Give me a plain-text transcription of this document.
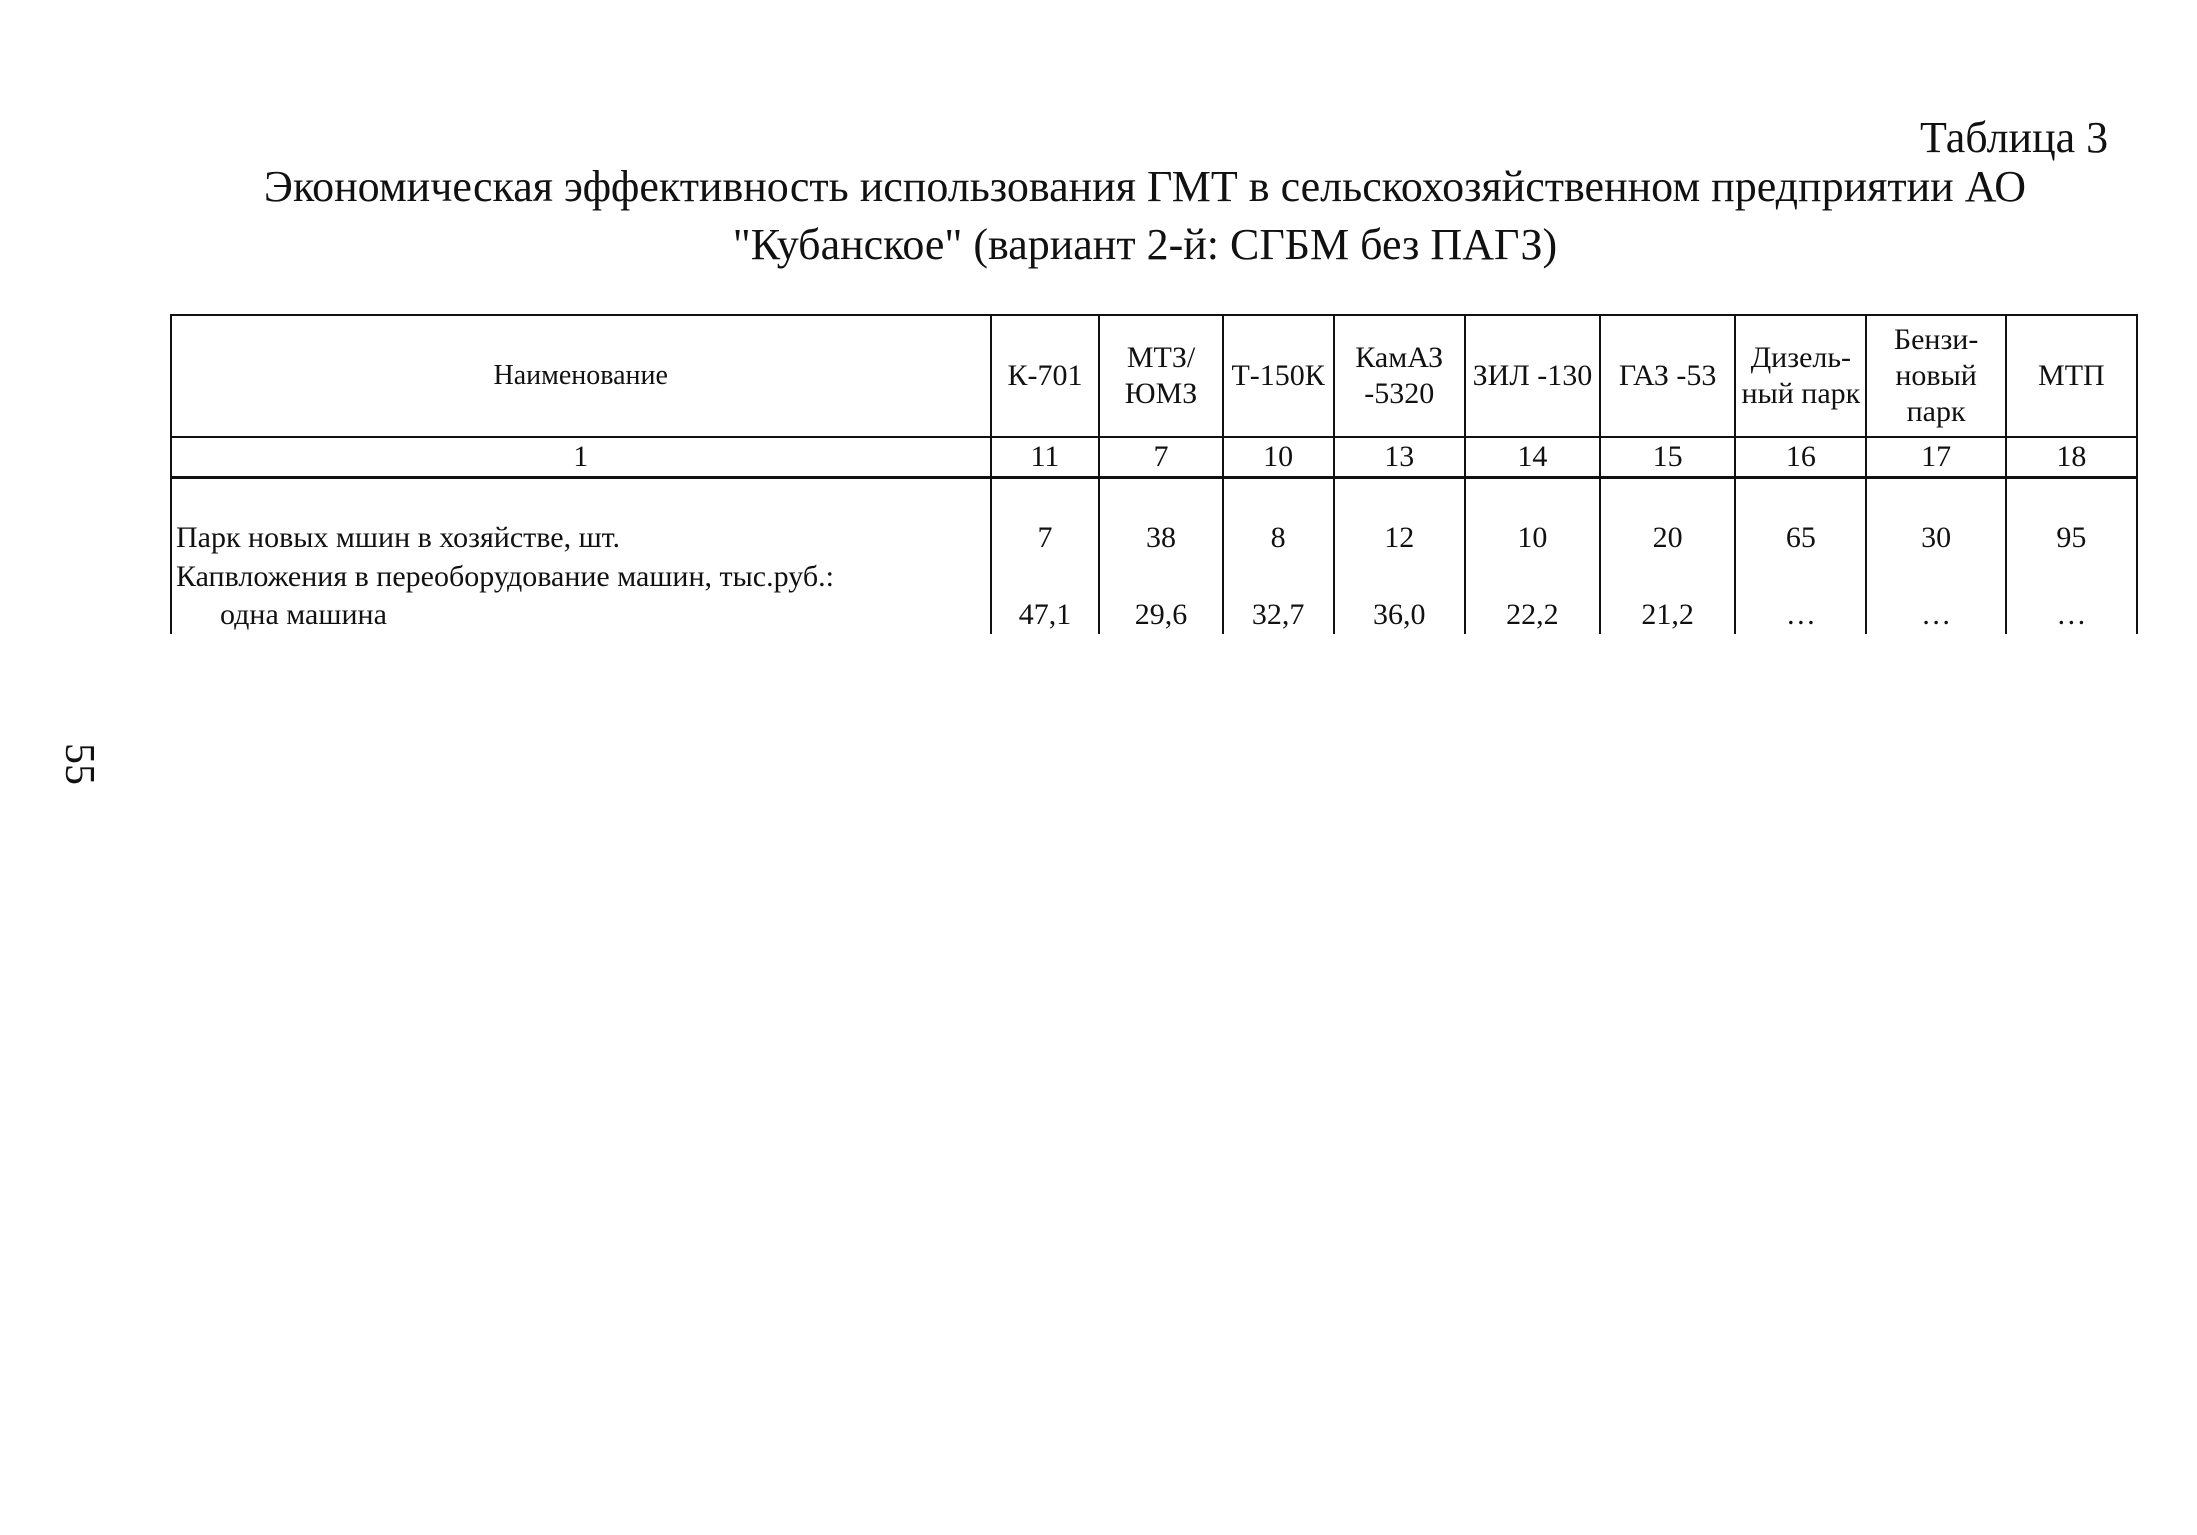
55
Таблица 3
Экономическая эффективность использования ГМТ в сельскохозяйственном предприятии АО
"Кубанское" (вариант 2-й: СГБМ без ПАГЗ)
Наименование	К-701	МТЗ/ ЮМЗ	Т-150К	КамАЗ -5320	ЗИЛ -130	ГАЗ -53	Дизель-ный парк	Бензи-новый парк	МТП
1	11	7	10	13	14	15	16	17	18

Парк новых мшин в хозяйстве, шт.	7	38	8	12	10	20	65	30	95
Капвложения в переоборудование машин, тыс.руб.:									
одна машина	47,1	29,6	32,7	36,0	22,2	21,2	…	…	…
